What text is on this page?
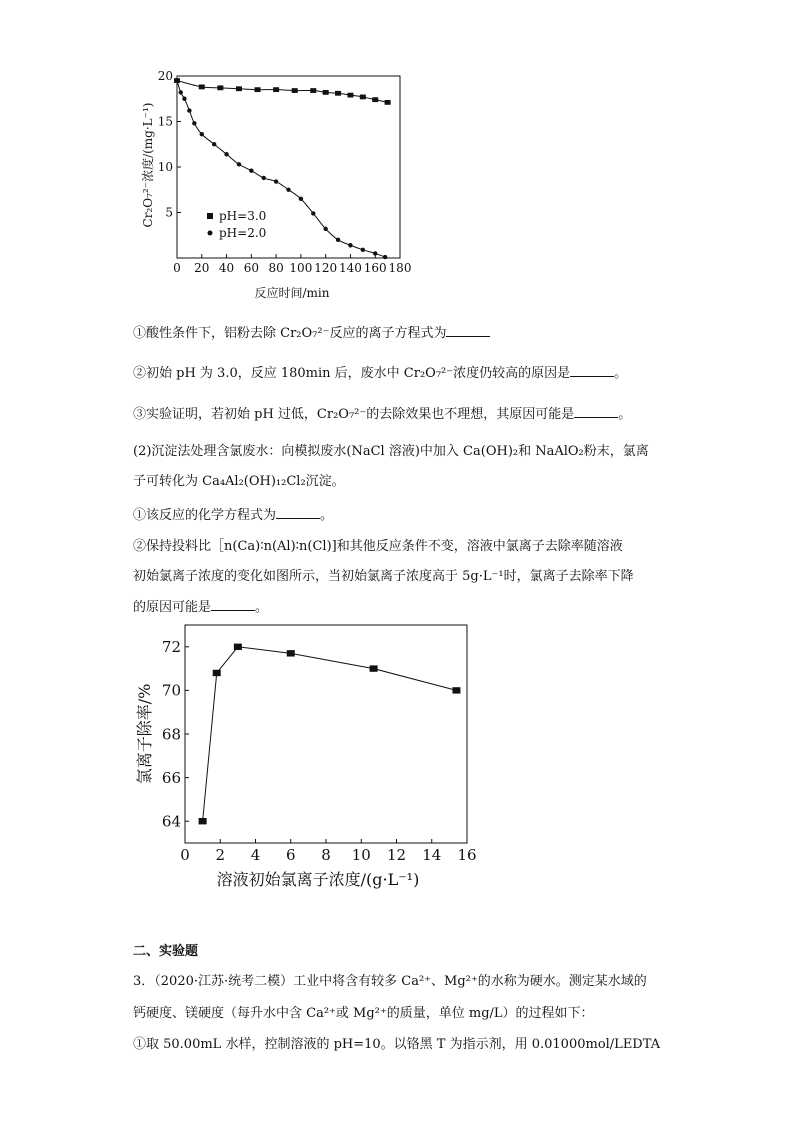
0 20 40 60 80 100 120 140 160 180
5
10
15
20
pH=3.0
pH=2.0
反应时间/min
Cr₂O₇²⁻浓度/(mg·L⁻¹)
①酸性条件下，铝粉去除 Cr₂O₇²⁻反应的离子方程式为
②初始 pH 为 3.0，反应 180min 后，废水中 Cr₂O₇²⁻浓度仍较高的原因是	。
③实验证明，若初始 pH 过低，Cr₂O₇²⁻的去除效果也不理想，其原因可能是	。
(2)沉淀法处理含氯废水：向模拟废水(NaCl 溶液)中加入 Ca(OH)₂和 NaAlO₂粉末，氯离
子可转化为 Ca₄Al₂(OH)₁₂Cl₂沉淀。
①该反应的化学方程式为	。
②保持投料比［n(Ca)∶n(Al)∶n(Cl)]和其他反应条件不变，溶液中氯离子去除率随溶液
初始氯离子浓度的变化如图所示，当初始氯离子浓度高于 5g·L⁻¹时，氯离子去除率下降
的原因可能是	。
0 2 4 6 8 10 12 14 16
64
66
68
70
72
溶液初始氯离子浓度/(g·L⁻¹)
氯离子除率/%
二、实验题
3．（2020·江苏·统考二模）工业中将含有较多 Ca²⁺、Mg²⁺的水称为硬水。测定某水域的
钙硬度、镁硬度（每升水中含 Ca²⁺或 Mg²⁺的质量，单位 mg/L）的过程如下：
①取 50.00mL 水样，控制溶液的 pH=10。以铬黑 T 为指示剂，用 0.01000mol/LEDTA
